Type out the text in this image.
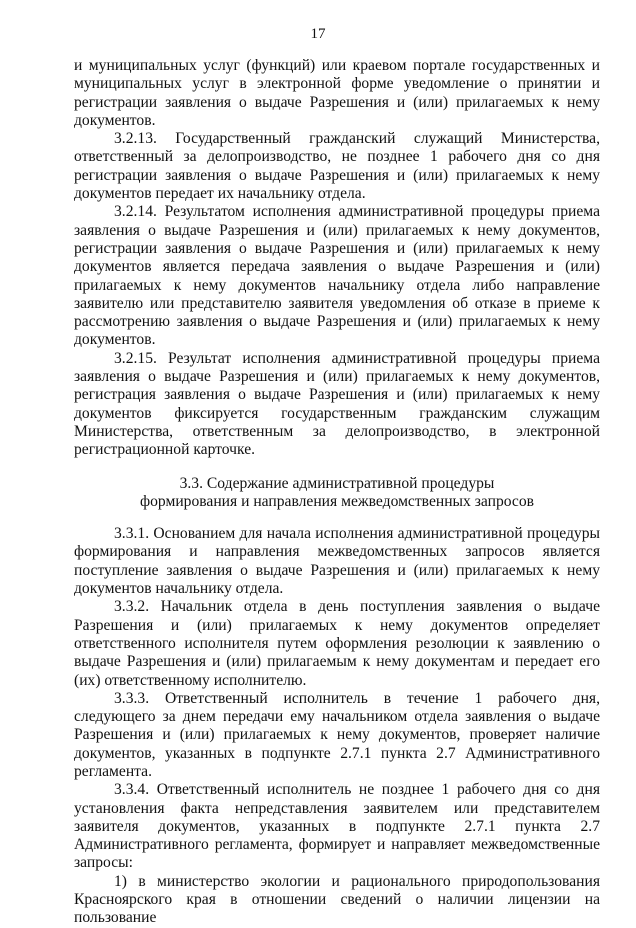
17

и муниципальных услуг (функций) или краевом портале государственных и муниципальных услуг в электронной форме уведомление о принятии и регистрации заявления о выдаче Разрешения и (или) прилагаемых к нему документов.

3.2.13. Государственный гражданский служащий Министерства, ответственный за делопроизводство, не позднее 1 рабочего дня со дня регистрации заявления о выдаче Разрешения и (или) прилагаемых к нему документов передает их начальнику отдела.

3.2.14. Результатом исполнения административной процедуры приема заявления о выдаче Разрешения и (или) прилагаемых к нему документов, регистрации заявления о выдаче Разрешения и (или) прилагаемых к нему документов является передача заявления о выдаче Разрешения и (или) прилагаемых к нему документов начальнику отдела либо направление заявителю или представителю заявителя уведомления об отказе в приеме к рассмотрению заявления о выдаче Разрешения и (или) прилагаемых к нему документов.

3.2.15. Результат исполнения административной процедуры приема заявления о выдаче Разрешения и (или) прилагаемых к нему документов, регистрация заявления о выдаче Разрешения и (или) прилагаемых к нему документов фиксируется государственным гражданским служащим Министерства, ответственным за делопроизводство, в электронной регистрационной карточке.

3.3. Содержание административной процедуры
формирования и направления межведомственных запросов

3.3.1. Основанием для начала исполнения административной процедуры формирования и направления межведомственных запросов является поступление заявления о выдаче Разрешения и (или) прилагаемых к нему документов начальнику отдела.

3.3.2. Начальник отдела в день поступления заявления о выдаче Разрешения и (или) прилагаемых к нему документов определяет ответственного исполнителя путем оформления резолюции к заявлению о выдаче Разрешения и (или) прилагаемым к нему документам и передает его (их) ответственному исполнителю.

3.3.3. Ответственный исполнитель в течение 1 рабочего дня, следующего за днем передачи ему начальником отдела заявления о выдаче Разрешения и (или) прилагаемых к нему документов, проверяет наличие документов, указанных в подпункте 2.7.1 пункта 2.7 Административного регламента.

3.3.4. Ответственный исполнитель не позднее 1 рабочего дня со дня установления факта непредставления заявителем или представителем заявителя документов, указанных в подпункте 2.7.1 пункта 2.7 Административного регламента, формирует и направляет межведомственные запросы:

1) в министерство экологии и рационального природопользования Красноярского края в отношении сведений о наличии лицензии на пользование
